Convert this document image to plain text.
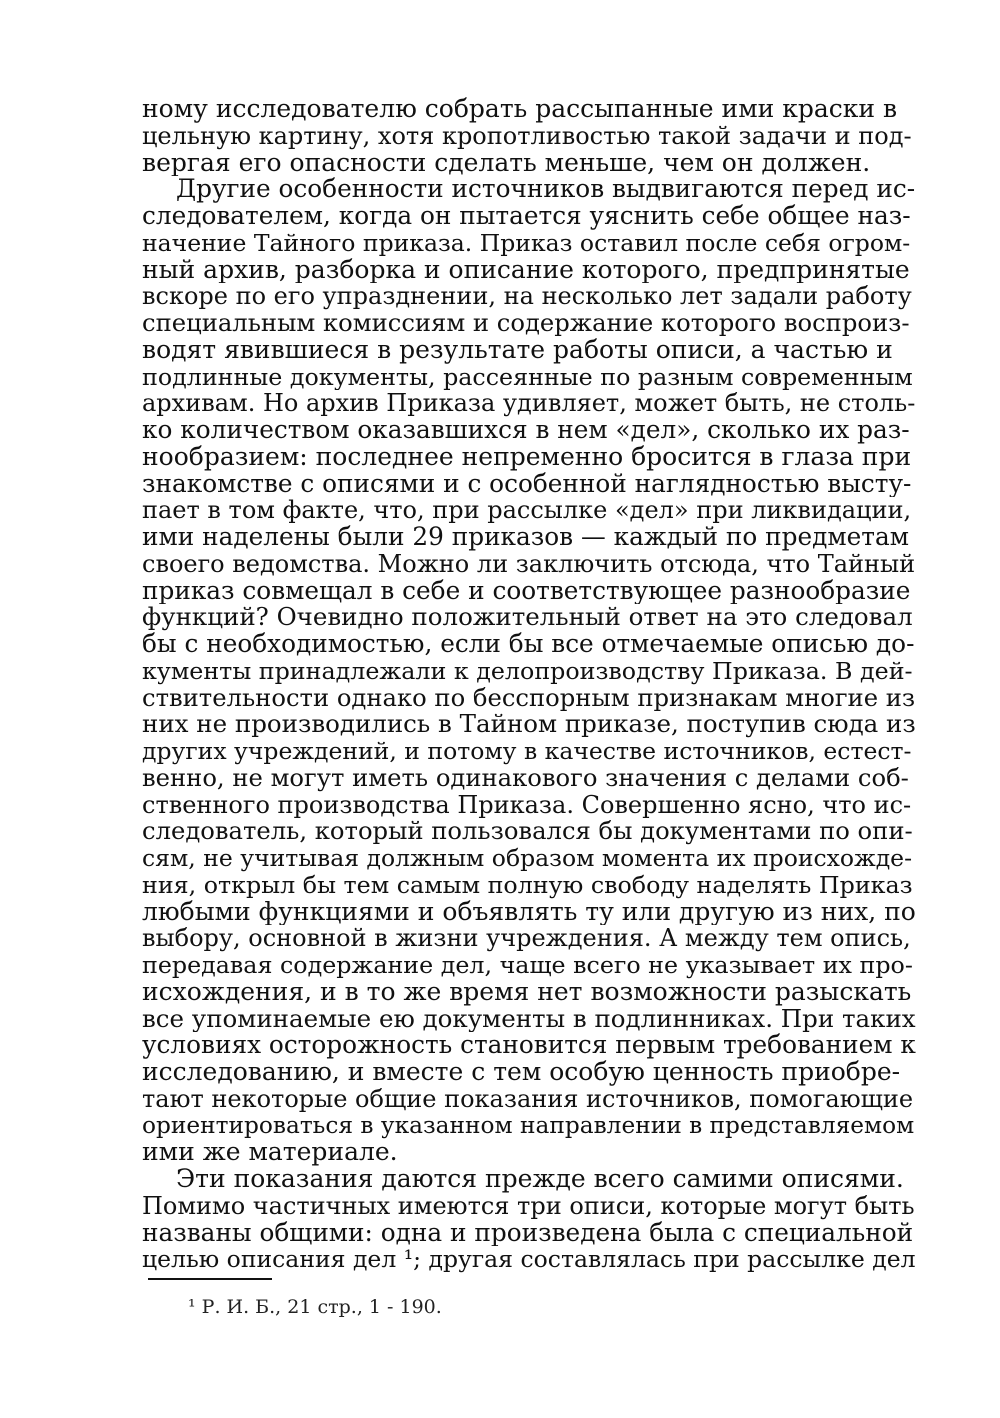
ному исследователю собрать рассыпанные ими краски в
цельную картину, хотя кропотливостью такой задачи и под-
вергая его опасности сделать меньше, чем он должен.
Другие особенности источников выдвигаются перед ис-
следователем, когда он пытается уяснить себе общее наз-
начение Тайного приказа. Приказ оставил после себя огром-
ный архив, разборка и описание которого, предпринятые
вскоре по его упразднении, на несколько лет задали работу
специальным комиссиям и содержание которого воспроиз-
водят явившиеся в результате работы описи, а частью и
подлинные документы, рассеянные по разным современным
архивам. Но архив Приказа удивляет, может быть, не столь-
ко количеством оказавшихся в нем «дел», сколько их раз-
нообразием: последнее непременно бросится в глаза при
знакомстве с описями и с особенной наглядностью высту-
пает в том факте, что, при рассылке «дел» при ликвидации,
ими наделены были 29 приказов — каждый по предметам
своего ведомства. Можно ли заключить отсюда, что Тайный
приказ совмещал в себе и соответствующее разнообразие
функций? Очевидно положительный ответ на это следовал
бы с необходимостью, если бы все отмечаемые описью до-
кументы принадлежали к делопроизводству Приказа. В дей-
ствительности однако по бесспорным признакам многие из
них не производились в Тайном приказе, поступив сюда из
других учреждений, и потому в качестве источников, естест-
венно, не могут иметь одинакового значения с делами соб-
ственного производства Приказа. Совершенно ясно, что ис-
следователь, который пользовался бы документами по опи-
сям, не учитывая должным образом момента их происхожде-
ния, открыл бы тем самым полную свободу наделять Приказ
любыми функциями и объявлять ту или другую из них, по
выбору, основной в жизни учреждения. А между тем опись,
передавая содержание дел, чаще всего не указывает их про-
исхождения, и в то же время нет возможности разыскать
все упоминаемые ею документы в подлинниках. При таких
условиях осторожность становится первым требованием к
исследованию, и вместе с тем особую ценность приобре-
тают некоторые общие показания источников, помогающие
ориентироваться в указанном направлении в представляемом
ими же материале.
Эти показания даются прежде всего самими описями.
Помимо частичных имеются три описи, которые могут быть
названы общими: одна и произведена была с специальной
целью описания дел ¹; другая составлялась при рассылке дел
¹ Р. И. Б., 21 стр., 1 - 190.
